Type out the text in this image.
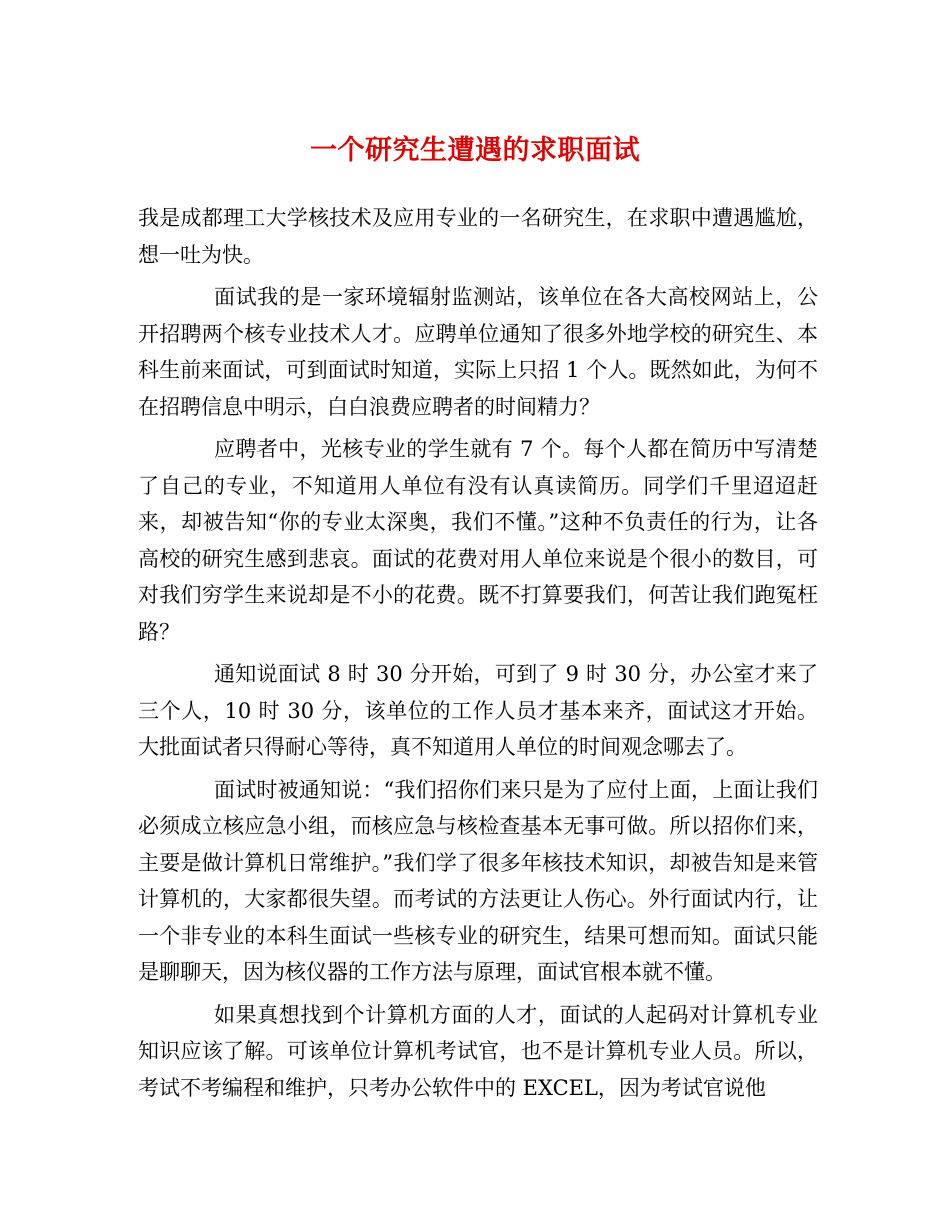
一个研究生遭遇的求职面试

我是成都理工大学核技术及应用专业的一名研究生，在求职中遭遇尴尬，想一吐为快。

面试我的是一家环境辐射监测站，该单位在各大高校网站上，公开招聘两个核专业技术人才。应聘单位通知了很多外地学校的研究生、本科生前来面试，可到面试时知道，实际上只招 1 个人。既然如此，为何不在招聘信息中明示，白白浪费应聘者的时间精力？

应聘者中，光核专业的学生就有 7 个。每个人都在简历中写清楚了自己的专业，不知道用人单位有没有认真读简历。同学们千里迢迢赶来，却被告知“你的专业太深奥，我们不懂。”这种不负责任的行为，让各高校的研究生感到悲哀。面试的花费对用人单位来说是个很小的数目，可对我们穷学生来说却是不小的花费。既不打算要我们，何苦让我们跑冤枉路？

通知说面试 8 时 30 分开始，可到了 9 时 30 分，办公室才来了三个人，10 时 30 分，该单位的工作人员才基本来齐，面试这才开始。大批面试者只得耐心等待，真不知道用人单位的时间观念哪去了。

面试时被通知说：“我们招你们来只是为了应付上面，上面让我们必须成立核应急小组，而核应急与核检查基本无事可做。所以招你们来，主要是做计算机日常维护。”我们学了很多年核技术知识，却被告知是来管计算机的，大家都很失望。而考试的方法更让人伤心。外行面试内行，让一个非专业的本科生面试一些核专业的研究生，结果可想而知。面试只能是聊聊天，因为核仪器的工作方法与原理，面试官根本就不懂。

如果真想找到个计算机方面的人才，面试的人起码对计算机专业知识应该了解。可该单位计算机考试官，也不是计算机专业人员。所以，考试不考编程和维护，只考办公软件中的 EXCEL，因为考试官说他
